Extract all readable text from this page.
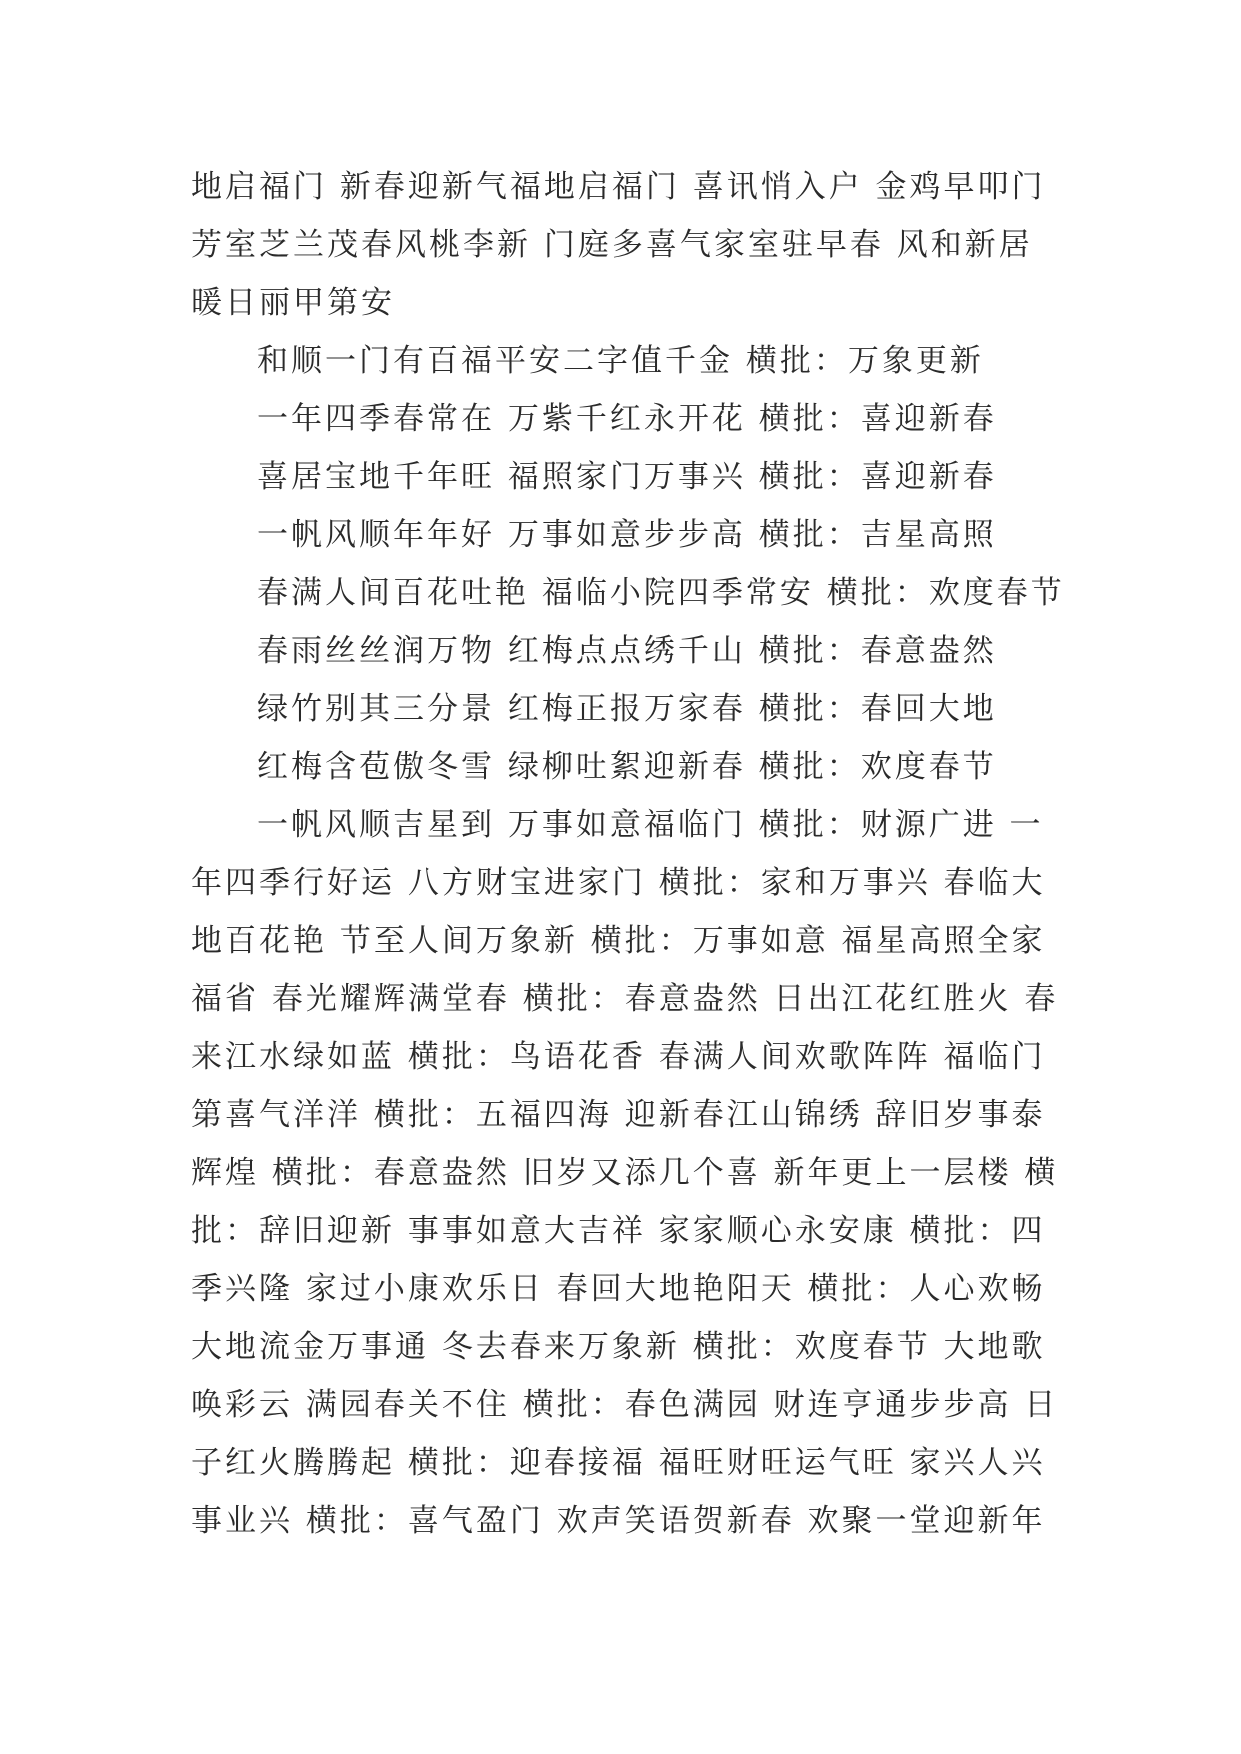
地启福门 新春迎新气福地启福门 喜讯悄入户 金鸡早叩门
芳室芝兰茂春风桃李新 门庭多喜气家室驻早春 风和新居
暖日丽甲第安
和顺一门有百福平安二字值千金 横批：万象更新
一年四季春常在 万紫千红永开花 横批：喜迎新春
喜居宝地千年旺 福照家门万事兴 横批：喜迎新春
一帆风顺年年好 万事如意步步高 横批：吉星高照
春满人间百花吐艳 福临小院四季常安 横批：欢度春节
春雨丝丝润万物 红梅点点绣千山 横批：春意盎然
绿竹别其三分景 红梅正报万家春 横批：春回大地
红梅含苞傲冬雪 绿柳吐絮迎新春 横批：欢度春节
一帆风顺吉星到 万事如意福临门 横批：财源广进 一
年四季行好运 八方财宝进家门 横批：家和万事兴 春临大
地百花艳 节至人间万象新 横批：万事如意 福星高照全家
福省 春光耀辉满堂春 横批：春意盎然 日出江花红胜火 春
来江水绿如蓝 横批：鸟语花香 春满人间欢歌阵阵 福临门
第喜气洋洋 横批：五福四海 迎新春江山锦绣 辞旧岁事泰
辉煌 横批：春意盎然 旧岁又添几个喜 新年更上一层楼 横
批：辞旧迎新 事事如意大吉祥 家家顺心永安康 横批：四
季兴隆 家过小康欢乐日 春回大地艳阳天 横批：人心欢畅
大地流金万事通 冬去春来万象新 横批：欢度春节 大地歌
唤彩云 满园春关不住 横批：春色满园 财连亨通步步高 日
子红火腾腾起 横批：迎春接福 福旺财旺运气旺 家兴人兴
事业兴 横批：喜气盈门 欢声笑语贺新春 欢聚一堂迎新年
